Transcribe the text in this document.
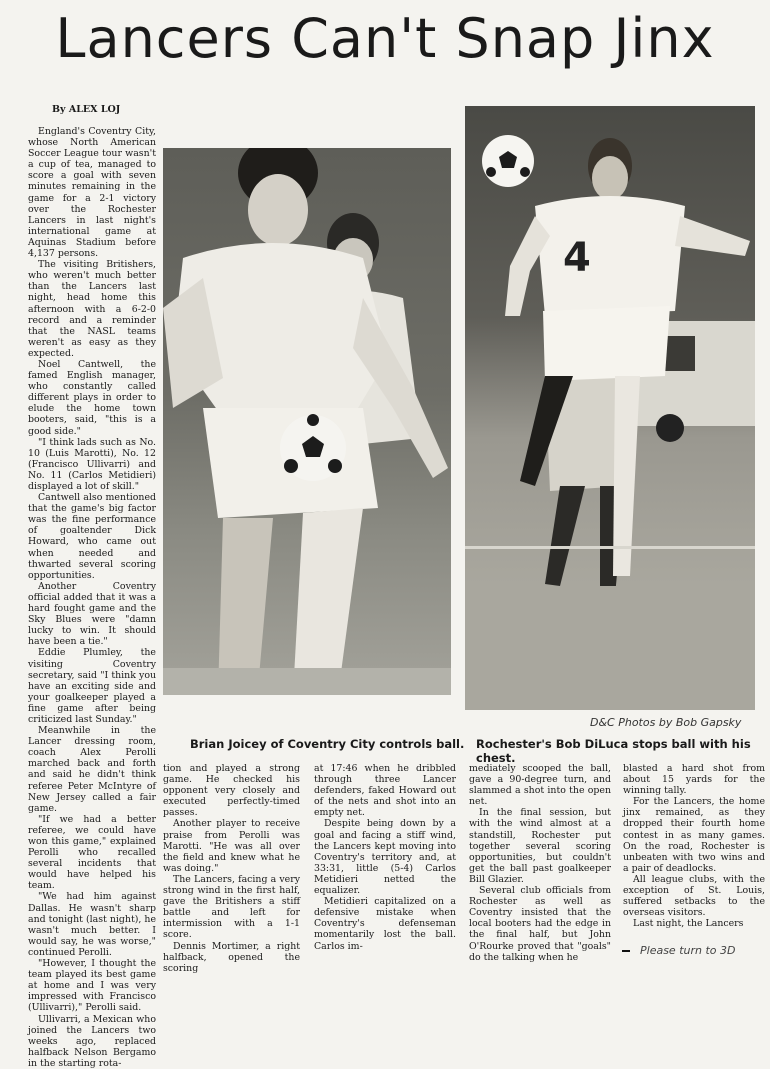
Lancers Can't Snap Jinx
By ALEX LOJ

England's Coventry City, whose North American Soccer League tour wasn't a cup of tea, managed to score a goal with seven minutes remaining in the game for a 2-1 victory over the Rochester Lancers in last night's international game at Aquinas Stadium before 4,137 persons.

The visiting Britishers, who weren't much better than the Lancers last night, head home this afternoon with a 6-2-0 record and a reminder that the NASL teams weren't as easy as they expected.

Noel Cantwell, the famed English manager, who constantly called different plays in order to elude the home town booters, said, "this is a good side."

"I think lads such as No. 10 (Luis Marotti), No. 12 (Francisco Ullivarri) and No. 11 (Carlos Metidieri) displayed a lot of skill."

Cantwell also mentioned that the game's big factor was the fine performance of goaltender Dick Howard, who came out when needed and thwarted several scoring opportunities.

Another Coventry official added that it was a hard fought game and the Sky Blues were "damn lucky to win. It should have been a tie."

Eddie Plumley, the visiting Coventry secretary, said "I think you have an exciting side and your goalkeeper played a fine game after being criticized last Sunday."

Meanwhile in the Lancer dressing room, coach Alex Perolli marched back and forth and said he didn't think referee Peter McIntyre of New Jersey called a fair game.

"If we had a better referee, we could have won this game," explained Perolli who recalled several incidents that would have helped his team.

"We had him against Dallas. He wasn't sharp and tonight (last night), he wasn't much better. I would say, he was worse," continued Perolli.

"However, I thought the team played its best game at home and I was very impressed with Francisco (Ullivarri)," Perolli said.

Ullivarri, a Mexican who joined the Lancers two weeks ago, replaced halfback Nelson Bergamo in the starting rota-

4
D&C Photos by Bob Gapsky
Brian Joicey of Coventry City controls ball. Rochester's Bob DiLuca stops ball with his chest.

tion and played a strong game. He checked his opponent very closely and executed perfectly-timed passes.

Another player to receive praise from Perolli was Marotti. "He was all over the field and knew what he was doing."

The Lancers, facing a very strong wind in the first half, gave the Britishers a stiff battle and left for intermission with a 1-1 score.

Dennis Mortimer, a right halfback, opened the scoring

at 17:46 when he dribbled through three Lancer defenders, faked Howard out of the nets and shot into an empty net.

Despite being down by a goal and facing a stiff wind, the Lancers kept moving into Coventry's territory and, at 33:31, little (5-4) Carlos Metidieri netted the equalizer.

Metidieri capitalized on a defensive mistake when Coventry's defenseman momentarily lost the ball. Carlos im-

mediately scooped the ball, gave a 90-degree turn, and slammed a shot into the open net.

In the final session, but with the wind almost at a standstill, Rochester put together several scoring opportunities, but couldn't get the ball past goalkeeper Bill Glazier.

Several club officials from Rochester as well as Coventry insisted that the local booters had the edge in the final half, but John O'Rourke proved that "goals" do the talking when he

blasted a hard shot from about 15 yards for the winning tally.

For the Lancers, the home jinx remained, as they dropped their fourth home contest in as many games. On the road, Rochester is unbeaten with two wins and a pair of deadlocks.

All league clubs, with the exception of St. Louis, suffered setbacks to the overseas visitors.

Last night, the Lancers

Please turn to 3D
